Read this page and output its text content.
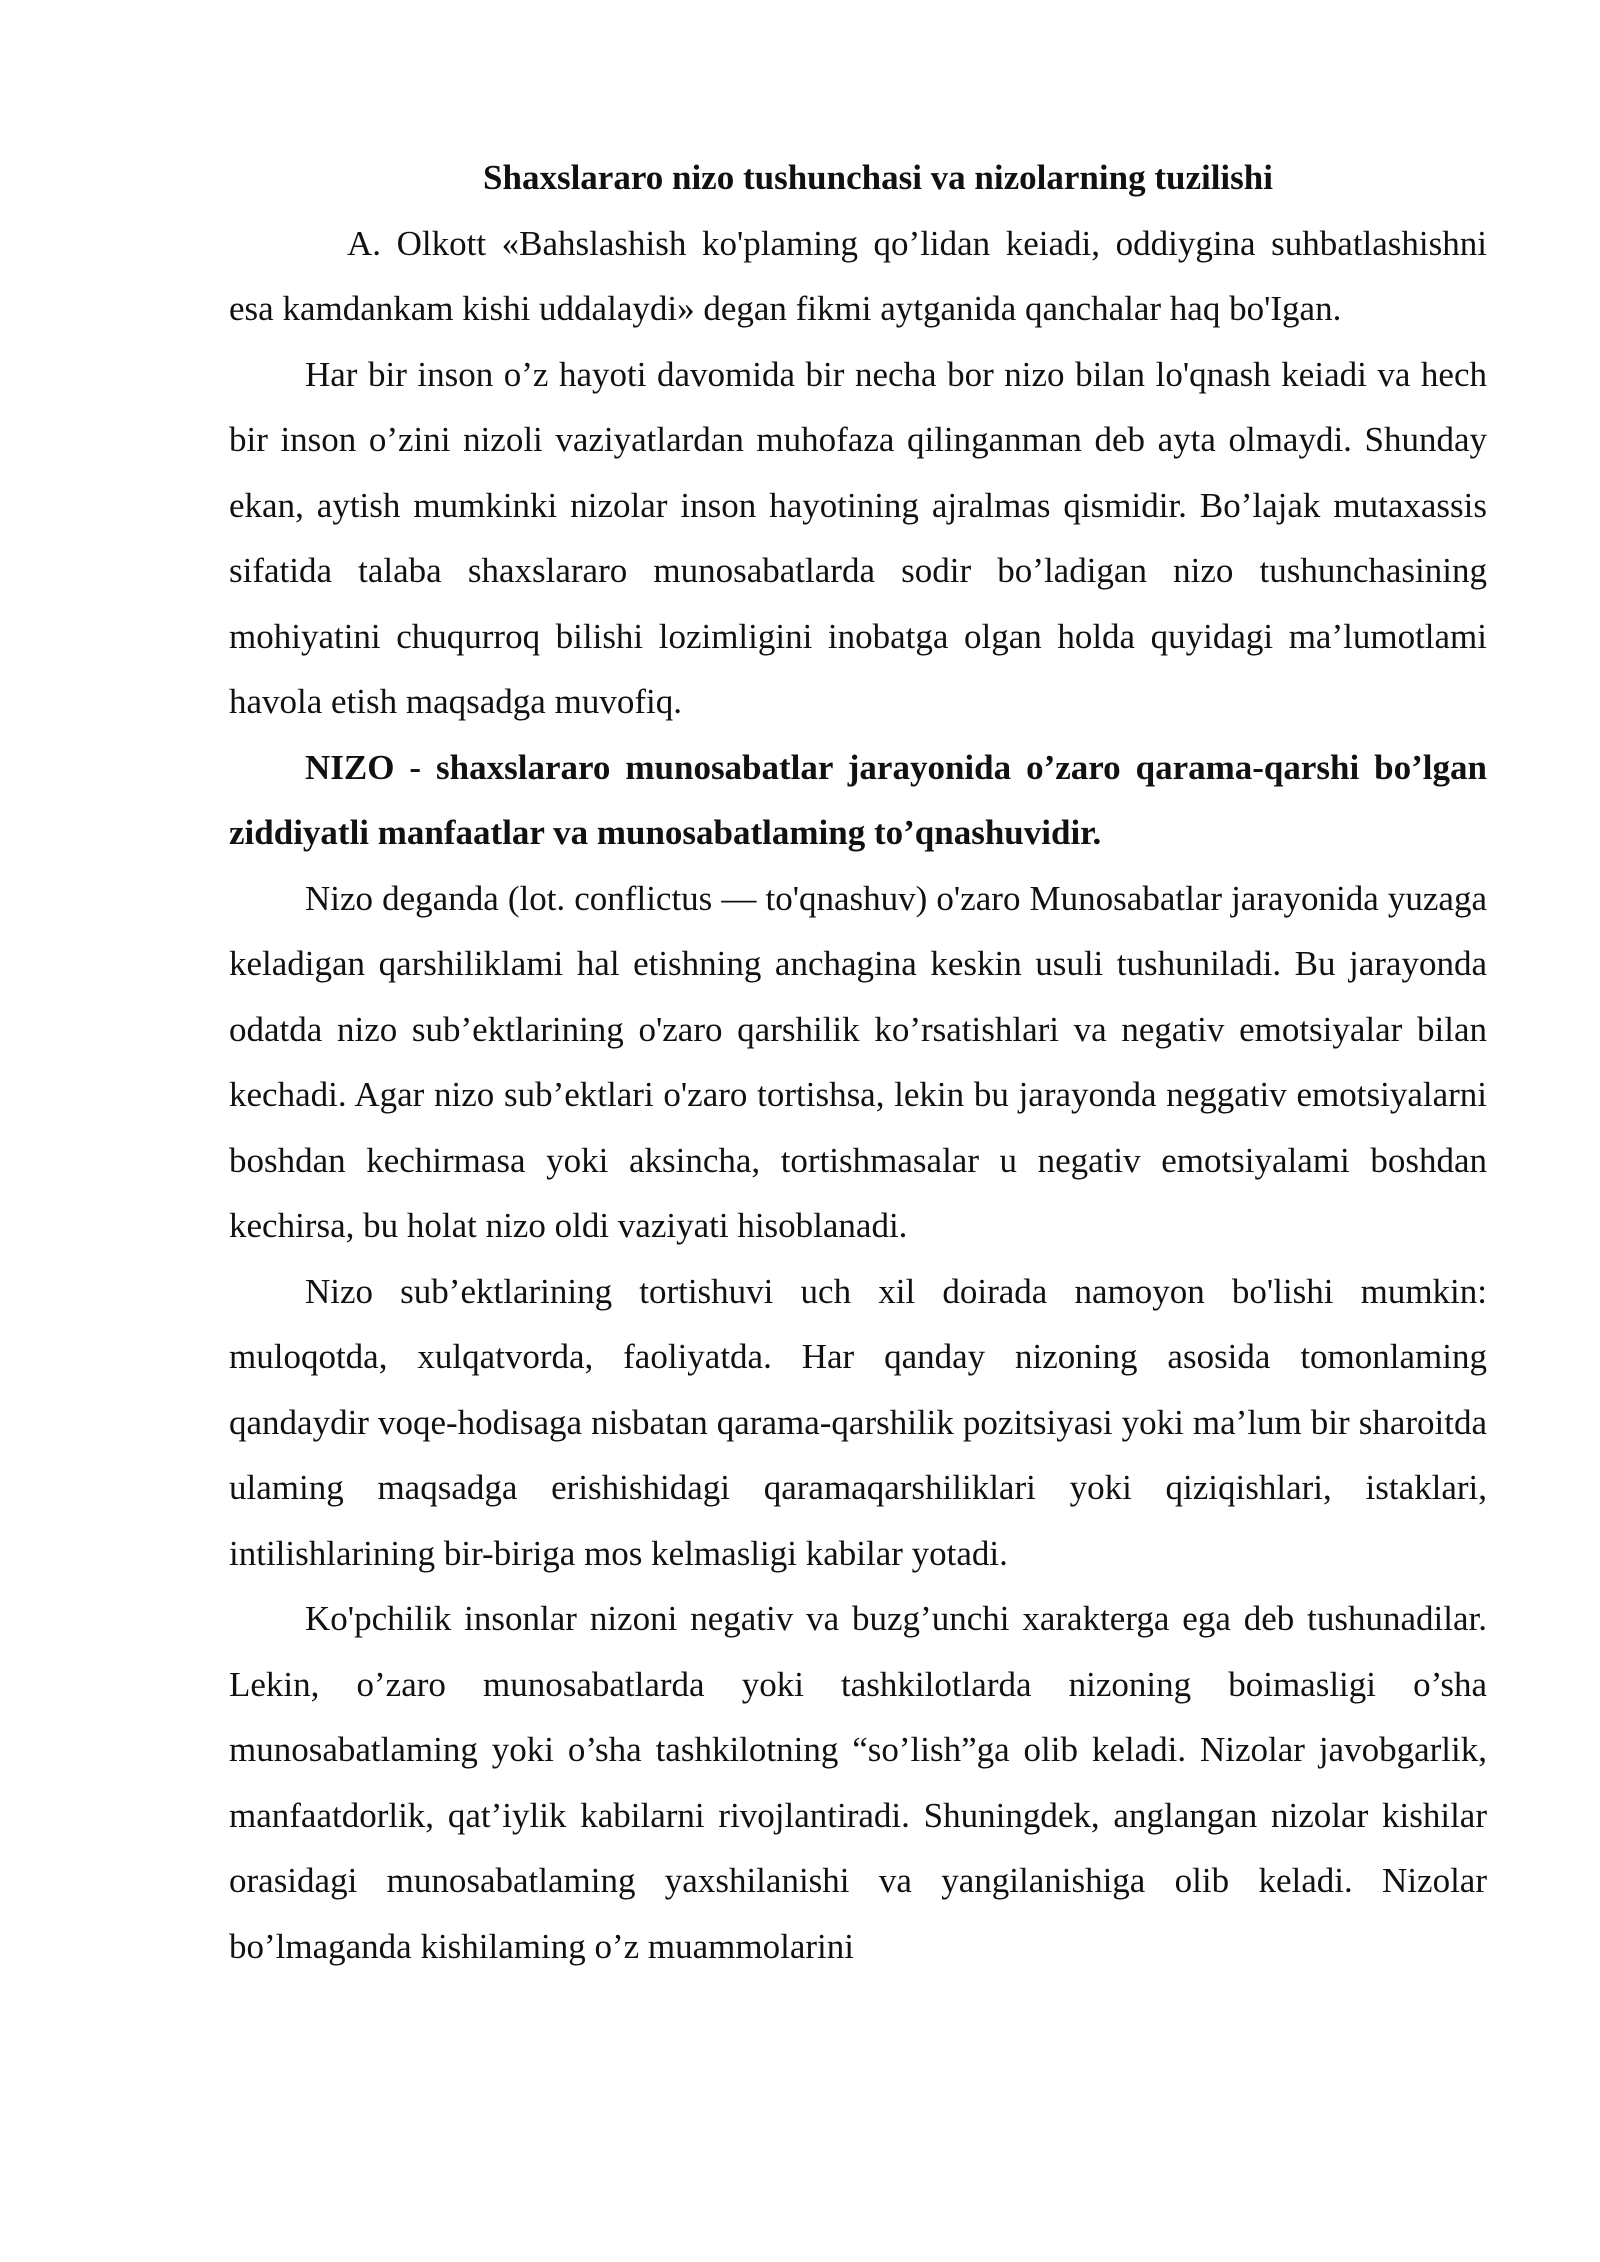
Shaxslararo nizo tushunchasi va nizolarning tuzilishi

A. Olkott «Bahslashish ko'plaming qo’lidan keiadi, oddiygina suhbatlashishni esa kamdankam kishi uddalaydi» degan fikmi aytganida qanchalar haq bo'Igan.

Har bir inson o’z hayoti davomida bir necha bor nizo bilan lo'qnash keiadi va hech bir inson o’zini nizoli vaziyatlardan muhofaza qilinganman deb ayta olmaydi. Shunday ekan, aytish mumkinki nizolar inson hayotining ajralmas qismidir. Bo’lajak mutaxassis sifatida talaba shaxslararo munosabatlarda sodir bo’ladigan nizo tushunchasining mohiyatini chuqurroq bilishi lozimligini inobatga olgan holda quyidagi ma’lumotlami havola etish maqsadga muvofiq.

NIZO - shaxslararo munosabatlar jarayonida o’zaro qarama-qarshi bo’lgan ziddiyatli manfaatlar va munosabatlaming to’qnashuvidir.

Nizo deganda (lot. conflictus — to'qnashuv) o'zaro Munosabatlar jarayonida yuzaga keladigan qarshiliklami hal etishning anchagina keskin usuli tushuniladi. Bu jarayonda odatda nizo sub’ektlarining o'zaro qarshilik ko’rsatishlari va negativ emotsiyalar bilan kechadi. Agar nizo sub’ektlari o'zaro tortishsa, lekin bu jarayonda neggativ emotsiyalarni boshdan kechirmasa yoki aksincha, tortishmasalar u negativ emotsiyalami boshdan kechirsa, bu holat nizo oldi vaziyati hisoblanadi.

Nizo sub’ektlarining tortishuvi uch xil doirada namoyon bo'lishi mumkin: muloqotda, xulqatvorda, faoliyatda. Har qanday nizoning asosida tomonlaming qandaydir voqe-hodisaga nisbatan qarama-qarshilik pozitsiyasi yoki ma’lum bir sharoitda ulaming maqsadga erishishidagi qaramaqarshiliklari yoki qiziqishlari, istaklari, intilishlarining bir-biriga mos kelmasligi kabilar yotadi.

Ko'pchilik insonlar nizoni negativ va buzg’unchi xarakterga ega deb tushunadilar. Lekin, o’zaro munosabatlarda yoki tashkilotlarda nizoning boimasligi o’sha munosabatlaming yoki o’sha tashkilotning “so’lish”ga olib keladi. Nizolar javobgarlik, manfaatdorlik, qat’iylik kabilarni rivojlantiradi. Shuningdek, anglangan nizolar kishilar orasidagi munosabatlaming yaxshilanishi va yangilanishiga olib keladi. Nizolar bo’lmaganda kishilaming o’z muammolarini
